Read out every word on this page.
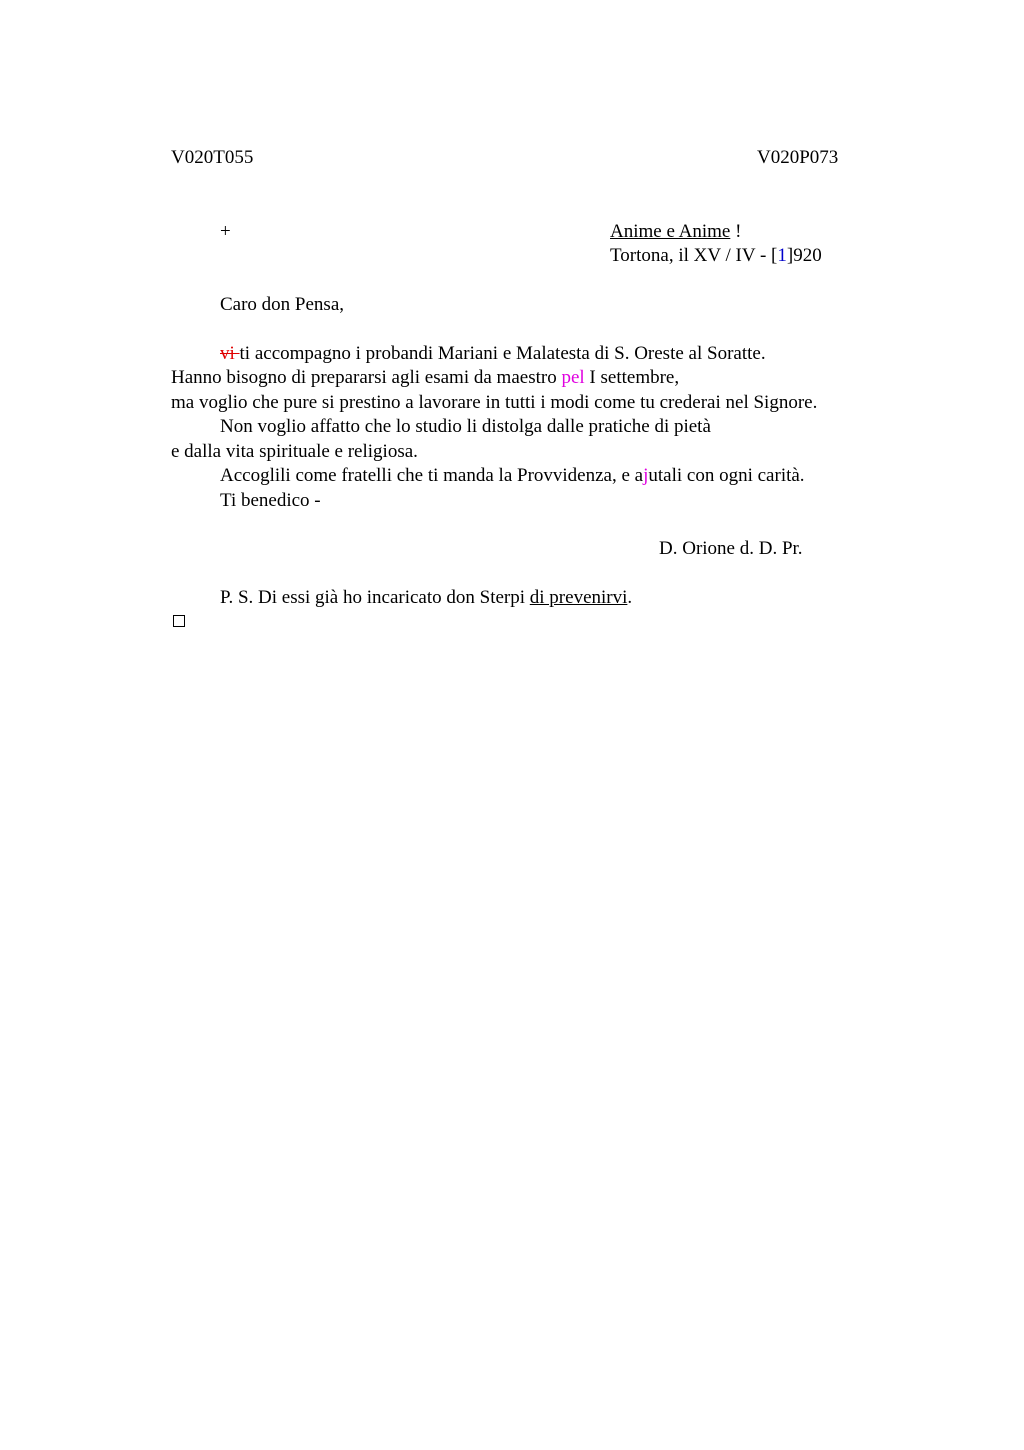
V020T055	V020P073
+	Anime e Anime !
Tortona, il XV / IV - [1]920
Caro don Pensa,
vi ti accompagno i probandi Mariani e Malatesta di S. Oreste al Soratte.
Hanno bisogno di prepararsi agli esami da maestro pel I settembre,
ma voglio che pure si prestino a lavorare in tutti i modi come tu crederai nel Signore.
Non voglio affatto che lo studio li distolga dalle pratiche di pietà
e dalla vita spirituale e religiosa.
Accoglili come fratelli che ti manda la Provvidenza, e ajutali con ogni carità.
Ti benedico -
D. Orione d. D. Pr.
P. S. Di essi già ho incaricato don Sterpi di prevenirvi.
